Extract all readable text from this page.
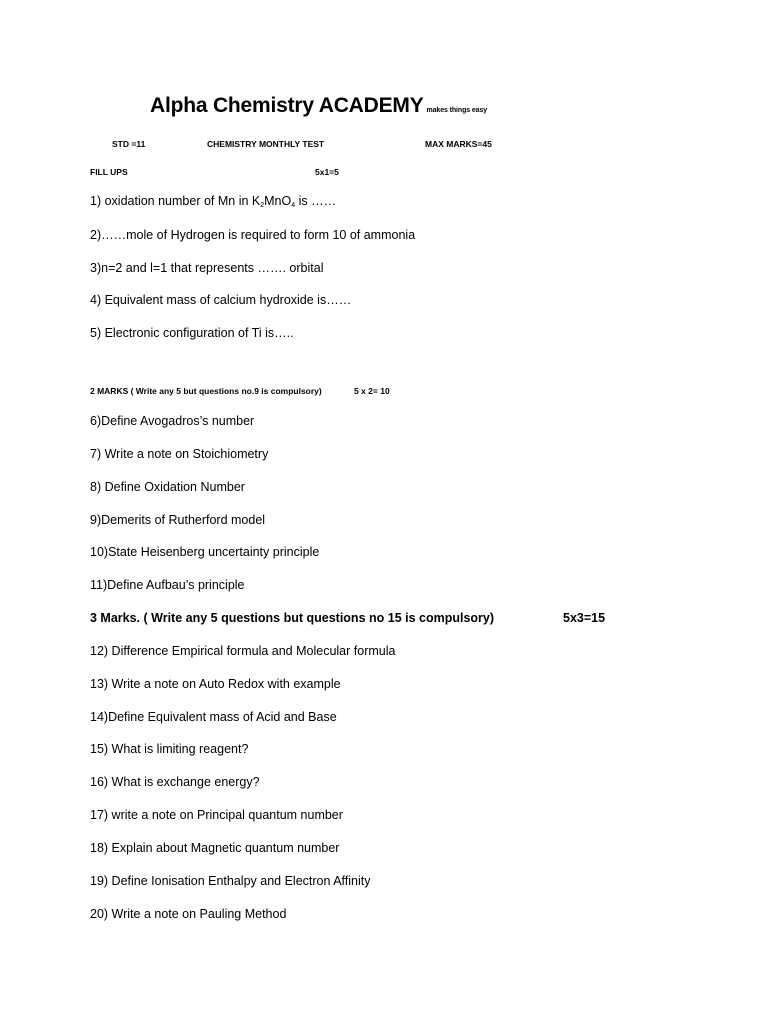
Alpha Chemistry ACADEMY makes things easy
STD =11	CHEMISTRY MONTHLY TEST	MAX MARKS=45
FILL UPS	5x1=5
1) oxidation number of Mn in $K_2MnO_4$ is ……
2)……mole of Hydrogen is required to form 10 of ammonia
3)n=2 and l=1 that represents ……. orbital
4) Equivalent mass of calcium hydroxide is……
5) Electronic configuration of Ti is…..
2 MARKS ( Write any 5 but questions no.9 is compulsory)	5 x 2= 10
6)Define Avogadros’s number
7) Write a note on Stoichiometry
8) Define Oxidation Number
9)Demerits of Rutherford model
10)State Heisenberg uncertainty principle
11)Define Aufbau’s principle
3 Marks. ( Write any 5 questions but questions no 15 is compulsory)	5x3=15
12) Difference Empirical formula and Molecular formula
13) Write a note on Auto Redox with example
14)Define Equivalent mass of Acid and Base
15) What is limiting reagent?
16) What is exchange energy?
17) write a note on Principal quantum number
18) Explain about Magnetic quantum number
19) Define Ionisation Enthalpy and Electron Affinity
20) Write a note on Pauling Method
